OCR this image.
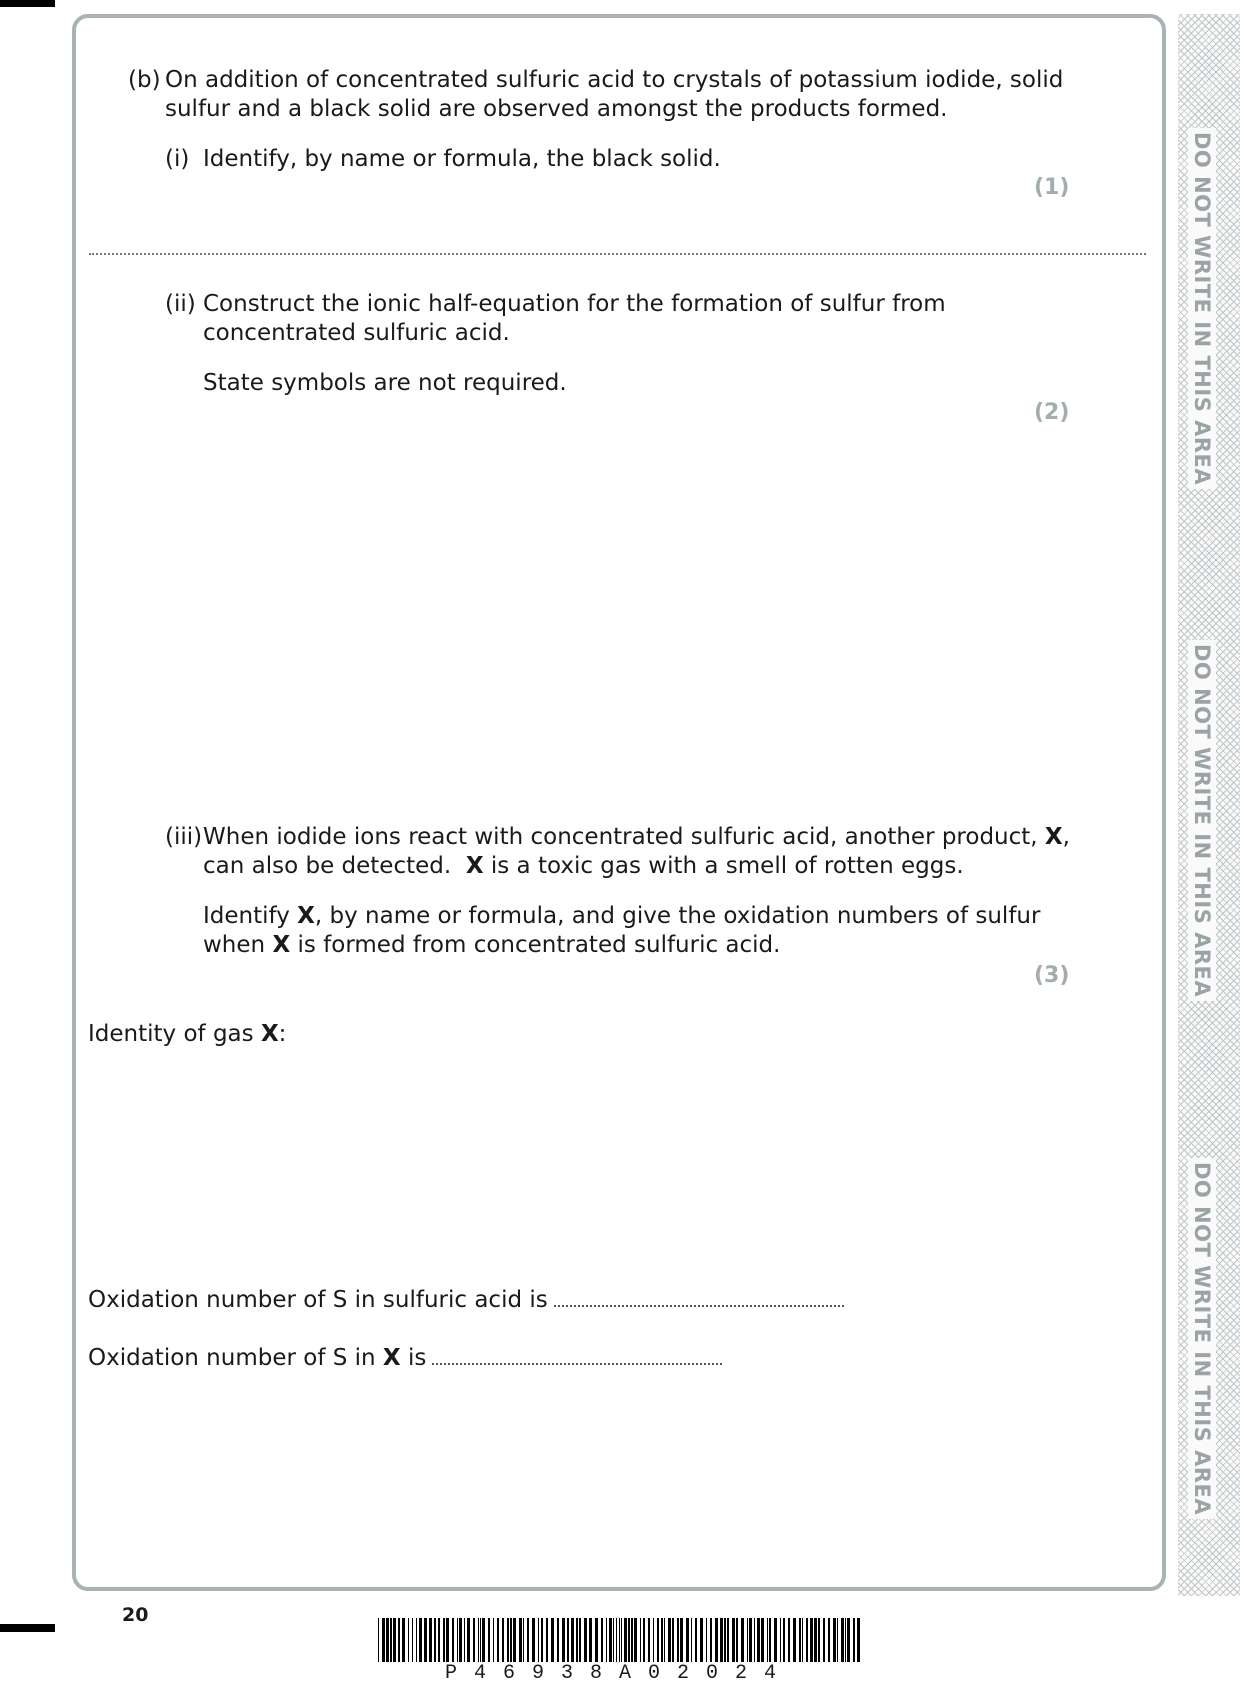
DO NOT WRITE IN THIS AREA
DO NOT WRITE IN THIS AREA
DO NOT WRITE IN THIS AREA
(b) On addition of concentrated sulfuric acid to crystals of potassium iodide, solid
sulfur and a black solid are observed amongst the products formed.
(i) Identify, by name or formula, the black solid.
(1)
(ii) Construct the ionic half-equation for the formation of sulfur from
concentrated sulfuric acid.
State symbols are not required.
(2)
(iii) When iodide ions react with concentrated sulfuric acid, another product, X,
can also be detected.  X is a toxic gas with a smell of rotten eggs.
Identify X, by name or formula, and give the oxidation numbers of sulfur
when X is formed from concentrated sulfuric acid.
(3)
Identity of gas X:
Oxidation number of S in sulfuric acid is
Oxidation number of S in X is
20
P46938A02024
